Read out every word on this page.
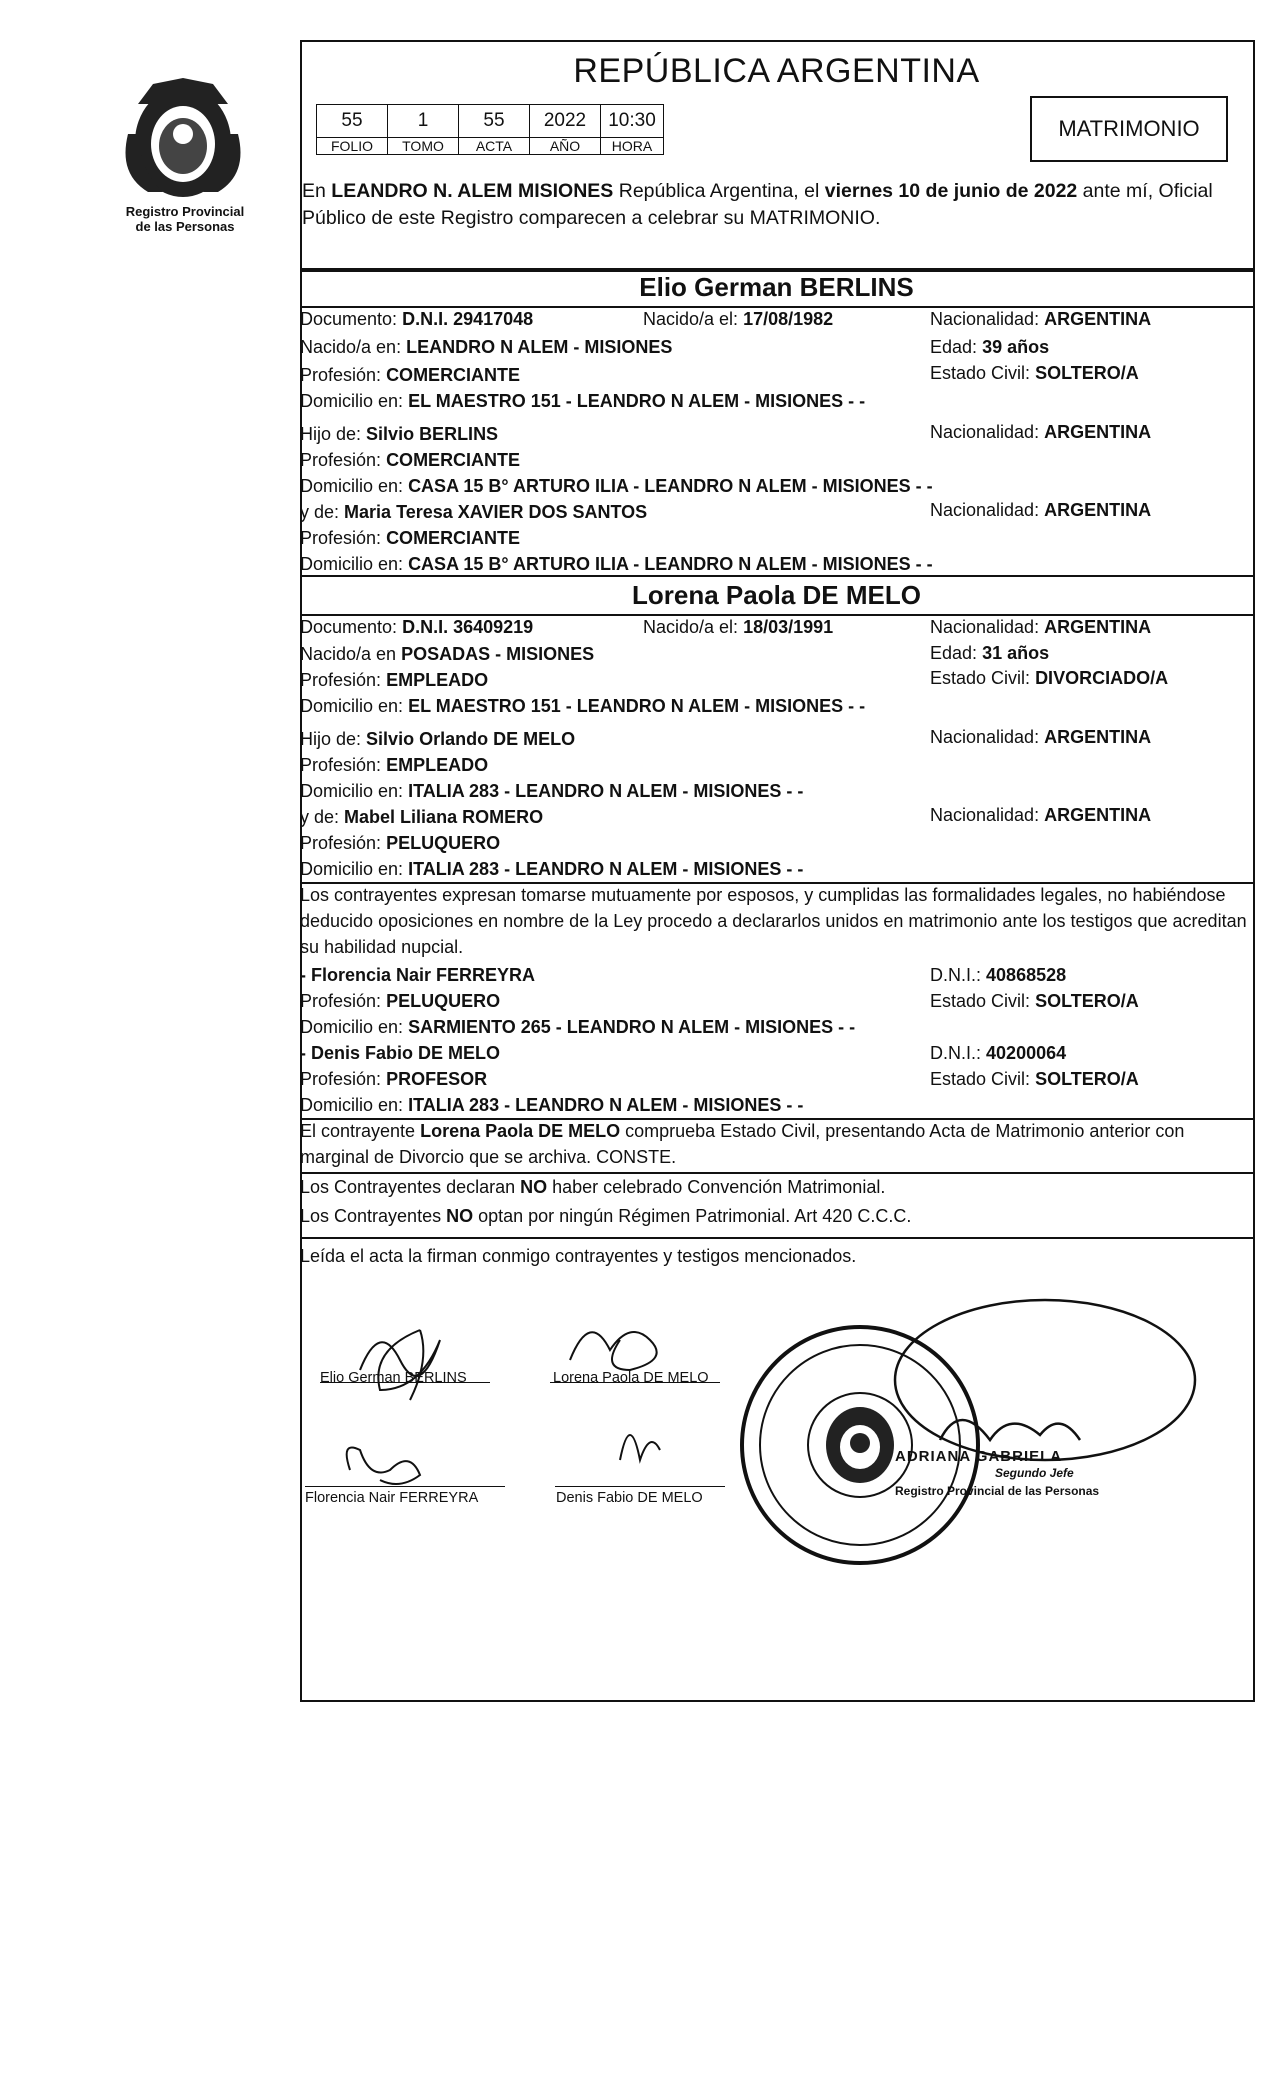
Registro Provincial
de las Personas
REPÚBLICA ARGENTINA
55	1	55	2022	10:30
FOLIO	TOMO	ACTA	AÑO	HORA
MATRIMONIO
En LEANDRO N. ALEM MISIONES República Argentina, el viernes 10 de junio de 2022 ante mí, Oficial Público de este Registro comparecen a celebrar su MATRIMONIO.
Elio German BERLINS
Documento: D.N.I. 29417048	Nacido/a el: 17/08/1982	Nacionalidad: ARGENTINA
Nacido/a en: LEANDRO N ALEM - MISIONES	Edad: 39 años
Profesión: COMERCIANTE	Estado Civil: SOLTERO/A
Domicilio en: EL MAESTRO 151 - LEANDRO N ALEM - MISIONES - -
Hijo de: Silvio BERLINS	Nacionalidad: ARGENTINA
Profesión: COMERCIANTE
Domicilio en: CASA 15 B° ARTURO ILIA - LEANDRO N ALEM - MISIONES - -
y de: Maria Teresa XAVIER DOS SANTOS	Nacionalidad: ARGENTINA
Profesión: COMERCIANTE
Domicilio en: CASA 15 B° ARTURO ILIA - LEANDRO N ALEM - MISIONES - -
Lorena Paola DE MELO
Documento: D.N.I. 36409219	Nacido/a el: 18/03/1991	Nacionalidad: ARGENTINA
Nacido/a en POSADAS - MISIONES	Edad: 31 años
Profesión: EMPLEADO	Estado Civil: DIVORCIADO/A
Domicilio en: EL MAESTRO 151 - LEANDRO N ALEM - MISIONES - -
Hijo de: Silvio Orlando DE MELO	Nacionalidad: ARGENTINA
Profesión: EMPLEADO
Domicilio en: ITALIA 283 - LEANDRO N ALEM - MISIONES - -
y de: Mabel Liliana ROMERO	Nacionalidad: ARGENTINA
Profesión: PELUQUERO
Domicilio en: ITALIA 283 - LEANDRO N ALEM - MISIONES - -
Los contrayentes expresan tomarse mutuamente por esposos, y cumplidas las formalidades legales, no habiéndose deducido oposiciones en nombre de la Ley procedo a declararlos unidos en matrimonio ante los testigos que acreditan su habilidad nupcial.
- Florencia Nair FERREYRA	D.N.I.: 40868528
Profesión: PELUQUERO	Estado Civil: SOLTERO/A
Domicilio en: SARMIENTO 265 - LEANDRO N ALEM - MISIONES - -
- Denis Fabio DE MELO	D.N.I.: 40200064
Profesión: PROFESOR	Estado Civil: SOLTERO/A
Domicilio en: ITALIA 283 - LEANDRO N ALEM - MISIONES - -
El contrayente Lorena Paola DE MELO comprueba Estado Civil, presentando Acta de Matrimonio anterior con marginal de Divorcio que se archiva. CONSTE.
Los Contrayentes declaran NO haber celebrado Convención Matrimonial.
Los Contrayentes NO optan por ningún Régimen Patrimonial. Art 420 C.C.C.
Leída el acta la firman conmigo contrayentes y testigos mencionados.
Elio German BERLINS	Lorena Paola DE MELO
Florencia Nair FERREYRA	Denis Fabio DE MELO
ADRIANA GABRIELA
Segundo Jefe
Registro Provincial de las Personas
